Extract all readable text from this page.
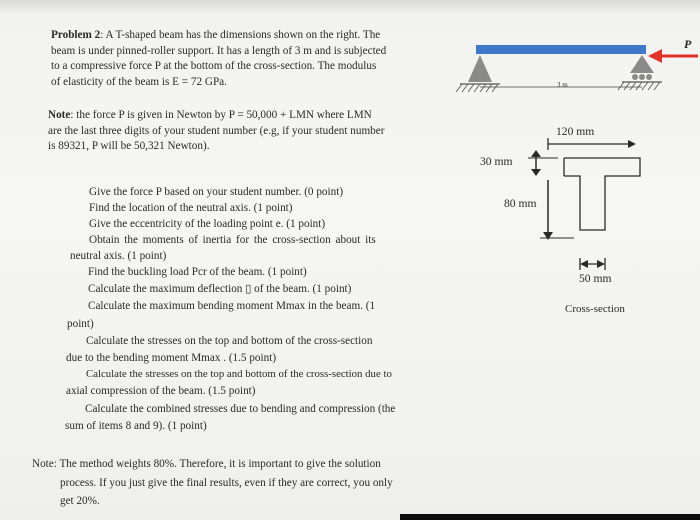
Problem 2: A T-shaped beam has the dimensions shown on the right. The
beam is under pinned-roller support. It has a length of 3 m and is subjected
to a compressive force P at the bottom of the cross-section. The modulus
of elasticity of the beam is E = 72 GPa.
Note: the force P is given in Newton by P = 50,000 + LMN where LMN
are the last three digits of your student number (e.g, if your student number
is 89321, P will be 50,321 Newton).
Give the force P based on your student number. (0 point)
Find the location of the neutral axis. (1 point)
Give the eccentricity of the loading point e. (1 point)
Obtain the moments of inertia for the cross-section about its
neutral axis. (1 point)
Find the buckling load Pcr of the beam. (1 point)
Calculate the maximum deflection ▯ of the beam. (1 point)
Calculate the maximum bending moment Mmax in the beam. (1
point)
Calculate the stresses on the top and bottom of the cross-section
due to the bending moment Mmax . (1.5 point)
Calculate the stresses on the top and bottom of the cross-section due to
axial compression of the beam. (1.5 point)
Calculate the combined stresses due to bending and compression (the
sum of items 8 and 9). (1 point)
Note: The method weights 80%. Therefore, it is important to give the solution
process. If you just give the final results, even if they are correct, you only
get 20%.
P
3 m
120 mm
30 mm
80 mm
50 mm
Cross-section
